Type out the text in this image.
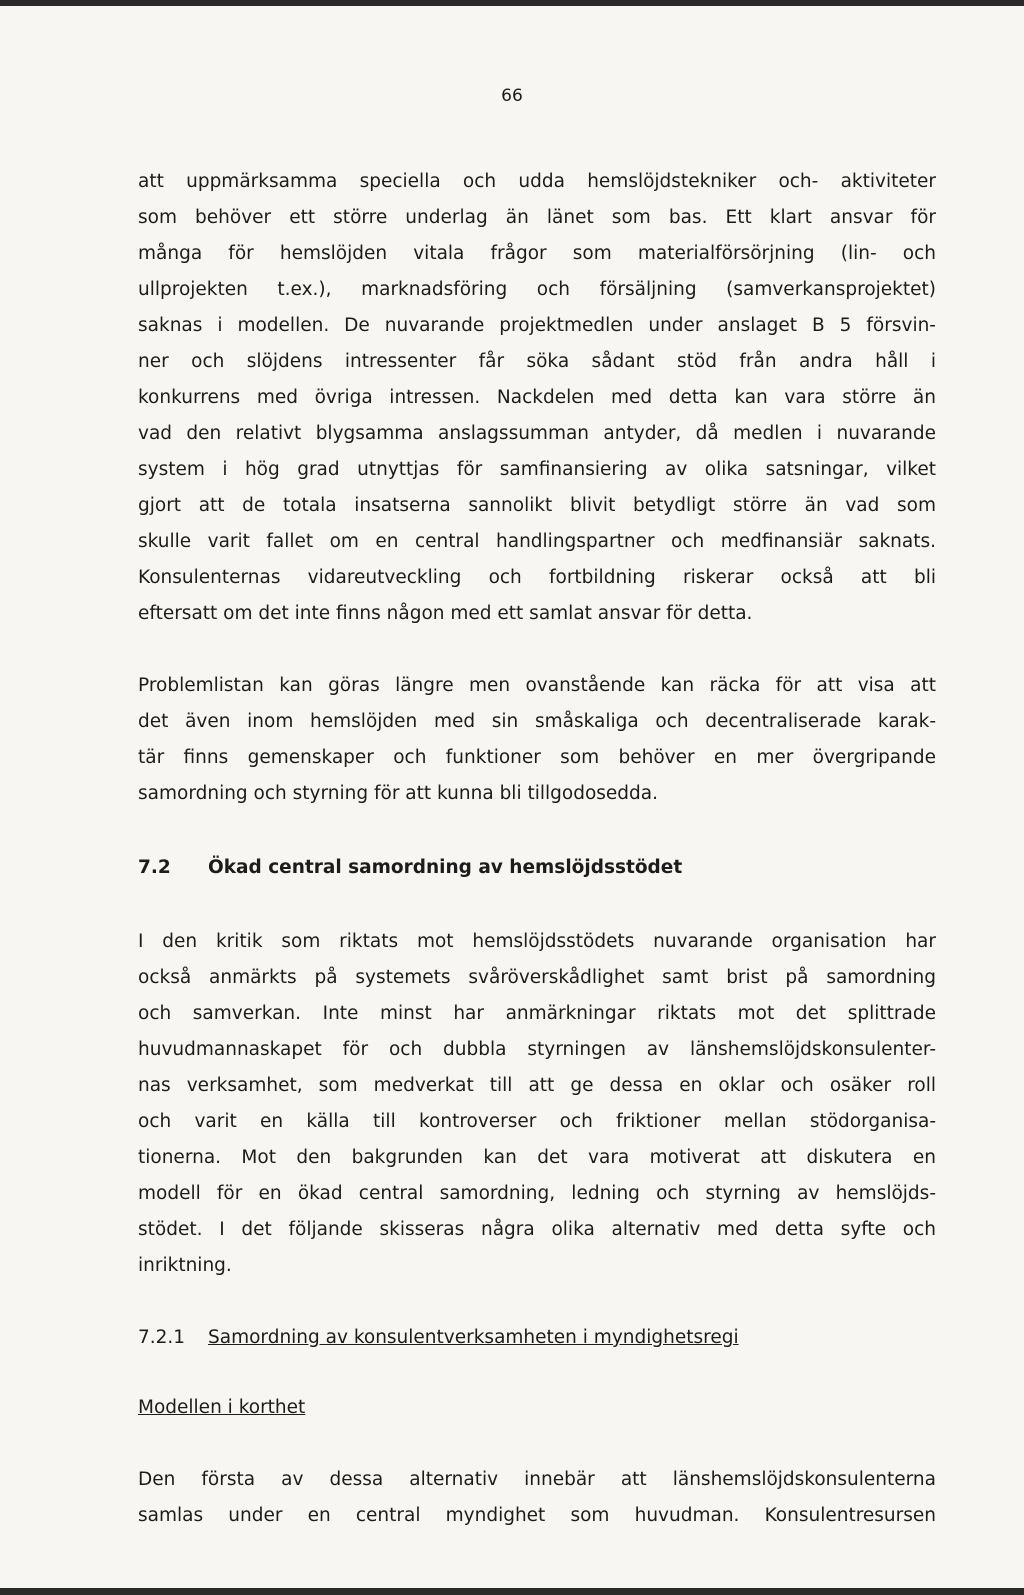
66
att uppmärksamma speciella och udda hemslöjdstekniker och- aktiviteter
som behöver ett större underlag än länet som bas. Ett klart ansvar för
många för hemslöjden vitala frågor som materialförsörjning (lin- och
ullprojekten t.ex.), marknadsföring och försäljning (samverkansprojektet)
saknas i modellen. De nuvarande projektmedlen under anslaget B 5 försvin-
ner och slöjdens intressenter får söka sådant stöd från andra håll i
konkurrens med övriga intressen. Nackdelen med detta kan vara större än
vad den relativt blygsamma anslagssumman antyder, då medlen i nuvarande
system i hög grad utnyttjas för samfinansiering av olika satsningar, vilket
gjort att de totala insatserna sannolikt blivit betydligt större än vad som
skulle varit fallet om en central handlingspartner och medfinansiär saknats.
Konsulenternas vidareutveckling och fortbildning riskerar också att bli
eftersatt om det inte finns någon med ett samlat ansvar för detta.
Problemlistan kan göras längre men ovanstående kan räcka för att visa att
det även inom hemslöjden med sin småskaliga och decentraliserade karak-
tär finns gemenskaper och funktioner som behöver en mer övergripande
samordning och styrning för att kunna bli tillgodosedda.
7.2 Ökad central samordning av hemslöjdsstödet
I den kritik som riktats mot hemslöjdsstödets nuvarande organisation har
också anmärkts på systemets svåröverskådlighet samt brist på samordning
och samverkan. Inte minst har anmärkningar riktats mot det splittrade
huvudmannaskapet för och dubbla styrningen av länshemslöjdskonsulenter-
nas verksamhet, som medverkat till att ge dessa en oklar och osäker roll
och varit en källa till kontroverser och friktioner mellan stödorganisa-
tionerna. Mot den bakgrunden kan det vara motiverat att diskutera en
modell för en ökad central samordning, ledning och styrning av hemslöjds-
stödet. I det följande skisseras några olika alternativ med detta syfte och
inriktning.
7.2.1 Samordning av konsulentverksamheten i myndighetsregi
Modellen i korthet
Den första av dessa alternativ innebär att länshemslöjdskonsulenterna
samlas under en central myndighet som huvudman. Konsulentresursen
